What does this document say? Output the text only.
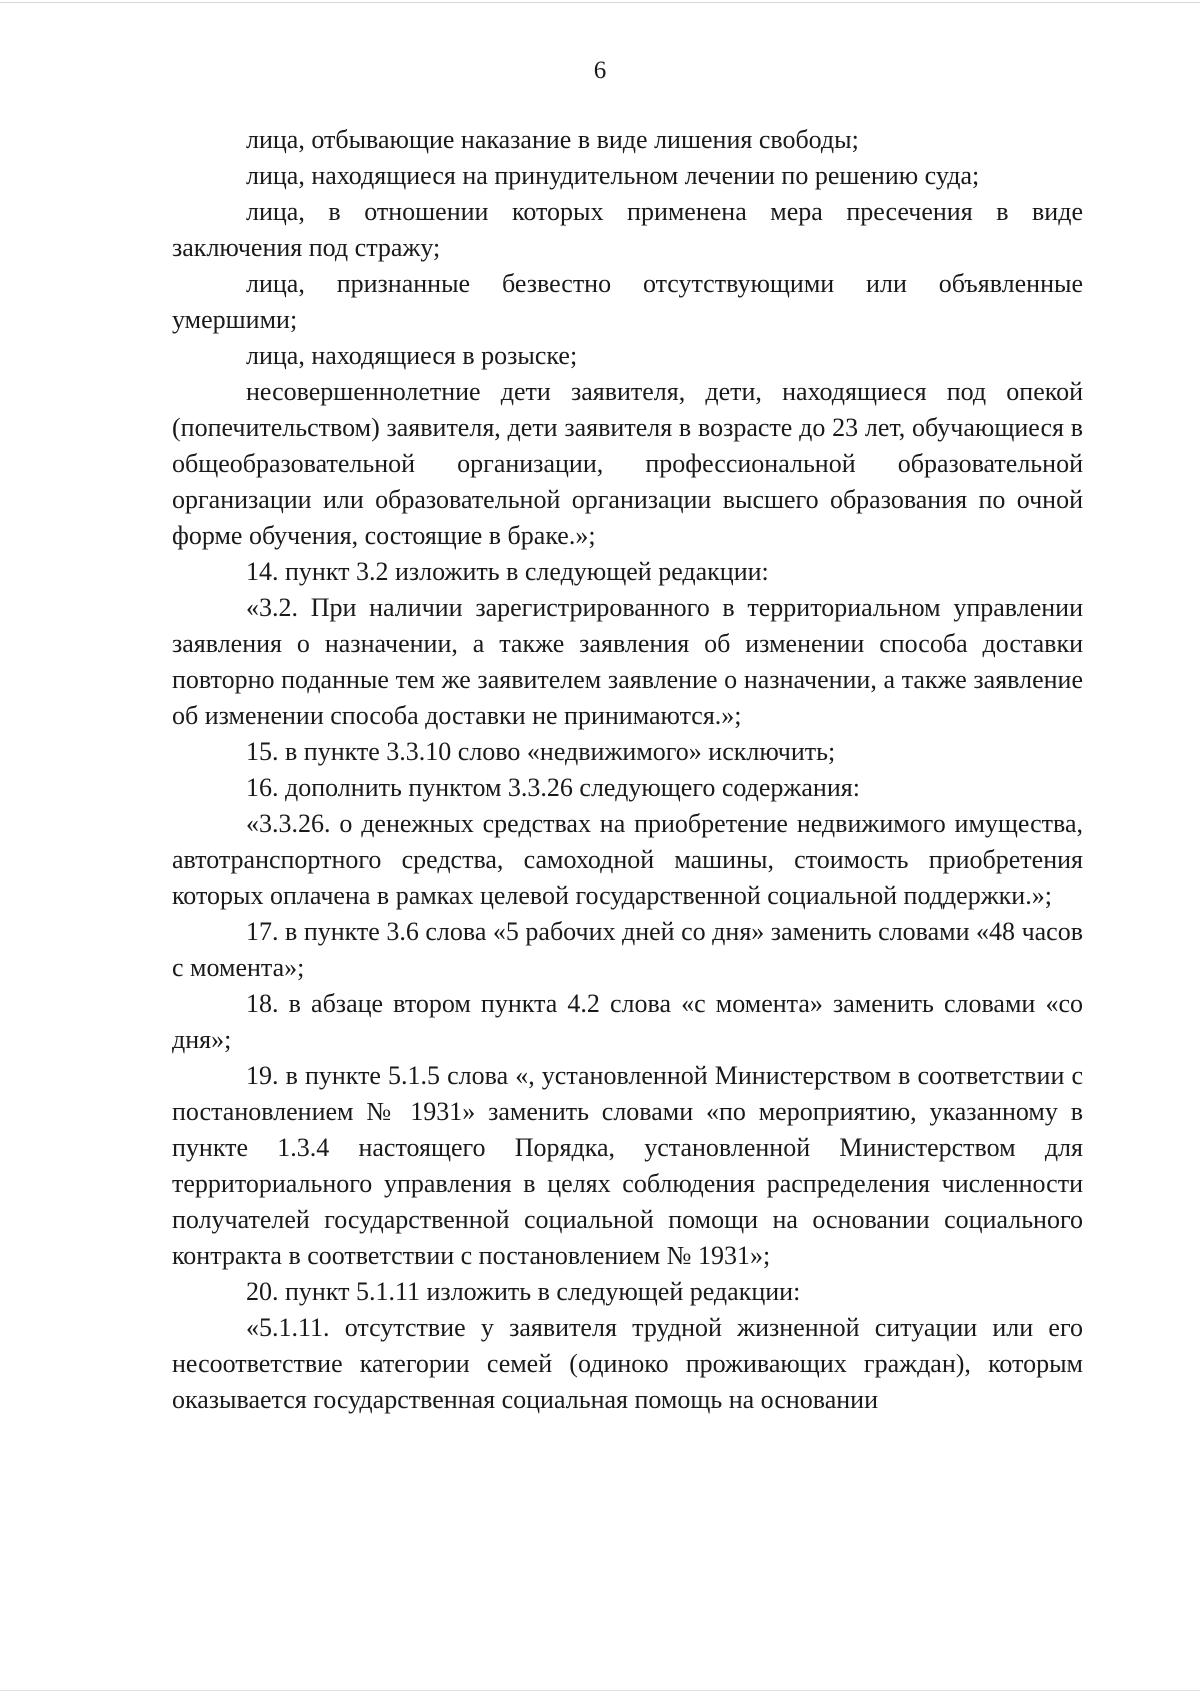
6

лица, отбывающие наказание в виде лишения свободы;

лица, находящиеся на принудительном лечении по решению суда;

лица, в отношении которых применена мера пресечения в виде заключения под стражу;

лица, признанные безвестно отсутствующими или объявленные умершими;

лица, находящиеся в розыске;

несовершеннолетние дети заявителя, дети, находящиеся под опекой (попечительством) заявителя, дети заявителя в возрасте до 23 лет, обучающиеся в общеобразовательной организации, профессиональной образовательной организации или образовательной организации высшего образования по очной форме обучения, состоящие в браке.»;

14. пункт 3.2 изложить в следующей редакции:

«3.2. При наличии зарегистрированного в территориальном управлении заявления о назначении, а также заявления об изменении способа доставки повторно поданные тем же заявителем заявление о назначении, а также заявление об изменении способа доставки не принимаются.»;

15. в пункте 3.3.10 слово «недвижимого» исключить;

16. дополнить пунктом 3.3.26 следующего содержания:

«3.3.26. о денежных средствах на приобретение недвижимого имущества, автотранспортного средства, самоходной машины, стоимость приобретения которых оплачена в рамках целевой государственной социальной поддержки.»;

17. в пункте 3.6 слова «5 рабочих дней со дня» заменить словами «48 часов с момента»;

18. в абзаце втором пункта 4.2 слова «с момента» заменить словами «со дня»;

19. в пункте 5.1.5 слова «, установленной Министерством в соответствии с постановлением № 1931» заменить словами «по мероприятию, указанному в пункте 1.3.4 настоящего Порядка, установленной Министерством для территориального управления в целях соблюдения распределения численности получателей государственной социальной помощи на основании социального контракта в соответствии с постановлением № 1931»;

20. пункт 5.1.11 изложить в следующей редакции:

«5.1.11. отсутствие у заявителя трудной жизненной ситуации или его несоответствие категории семей (одиноко проживающих граждан), которым оказывается государственная социальная помощь на основании
